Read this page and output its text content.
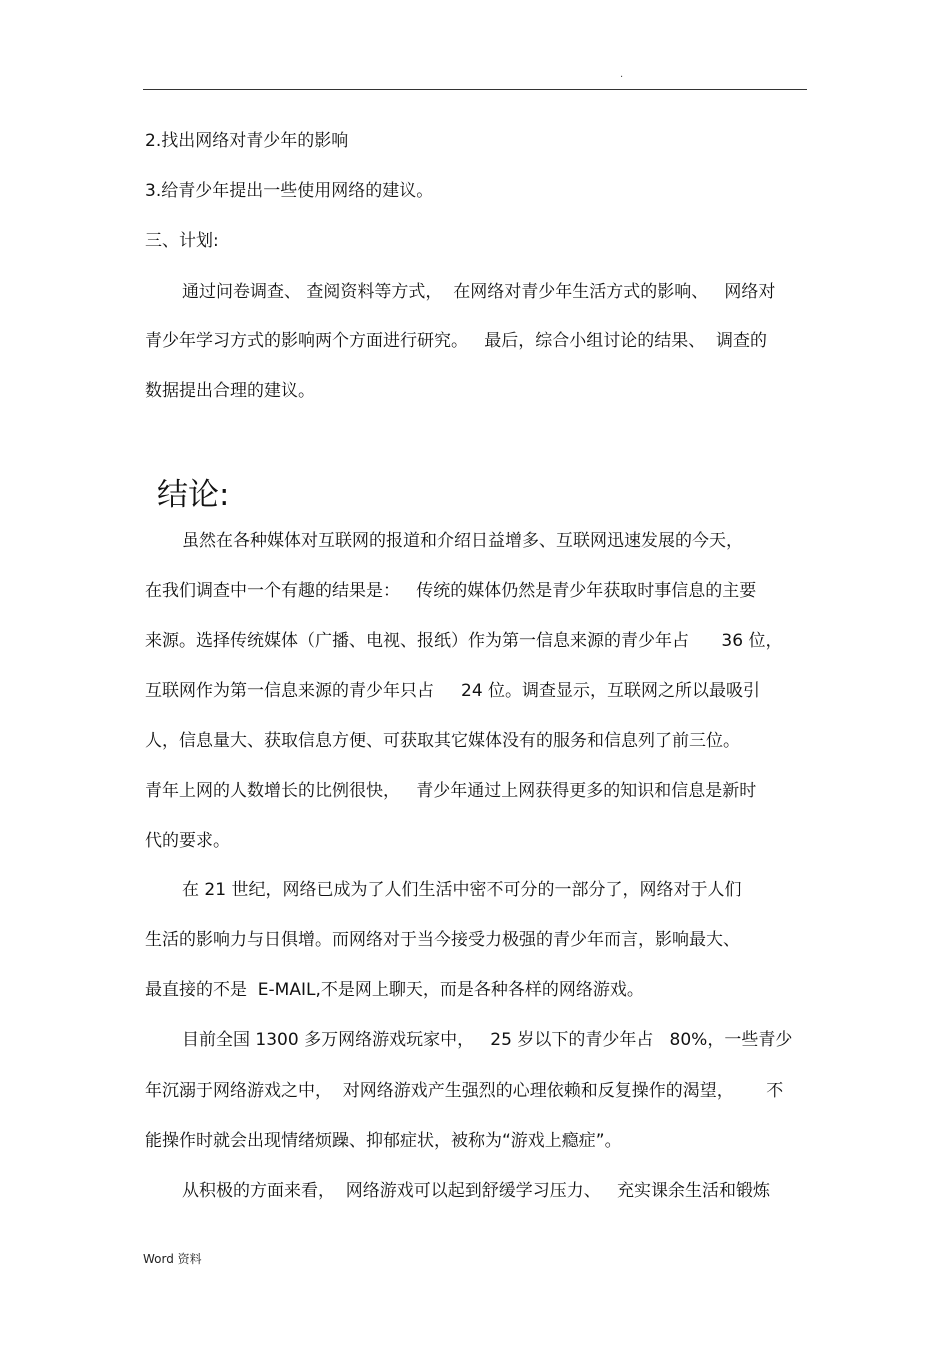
.
2.找出网络对青少年的影响
3.给青少年提出一些使用网络的建议。
三、计划:
通过问卷调查、 查阅资料等方式，  在网络对青少年生活方式的影响、   网络对
青少年学习方式的影响两个方面进行研究。   最后，综合小组讨论的结果、  调查的
数据提出合理的建议。
结论:
虽然在各种媒体对互联网的报道和介绍日益增多、互联网迅速发展的今天，
在我们调查中一个有趣的结果是：   传统的媒体仍然是青少年获取时事信息的主要
来源。选择传统媒体（广播、电视、报纸）作为第一信息来源的青少年占      36 位，
互联网作为第一信息来源的青少年只占     24 位。调查显示，互联网之所以最吸引
人，信息量大、获取信息方便、可获取其它媒体没有的服务和信息列了前三位。
青年上网的人数增长的比例很快，   青少年通过上网获得更多的知识和信息是新时
代的要求。
在 21 世纪，网络已成为了人们生活中密不可分的一部分了，网络对于人们
生活的影响力与日俱增。而网络对于当今接受力极强的青少年而言，影响最大、
最直接的不是  E-MAIL,不是网上聊天，而是各种各样的网络游戏。
目前全国 1300 多万网络游戏玩家中，   25 岁以下的青少年占   80%，一些青少
年沉溺于网络游戏之中，  对网络游戏产生强烈的心理依赖和反复操作的渴望，      不
能操作时就会出现情绪烦躁、抑郁症状，被称为“游戏上瘾症”。
从积极的方面来看，  网络游戏可以起到舒缓学习压力、   充实课余生活和锻炼
Word 资料
